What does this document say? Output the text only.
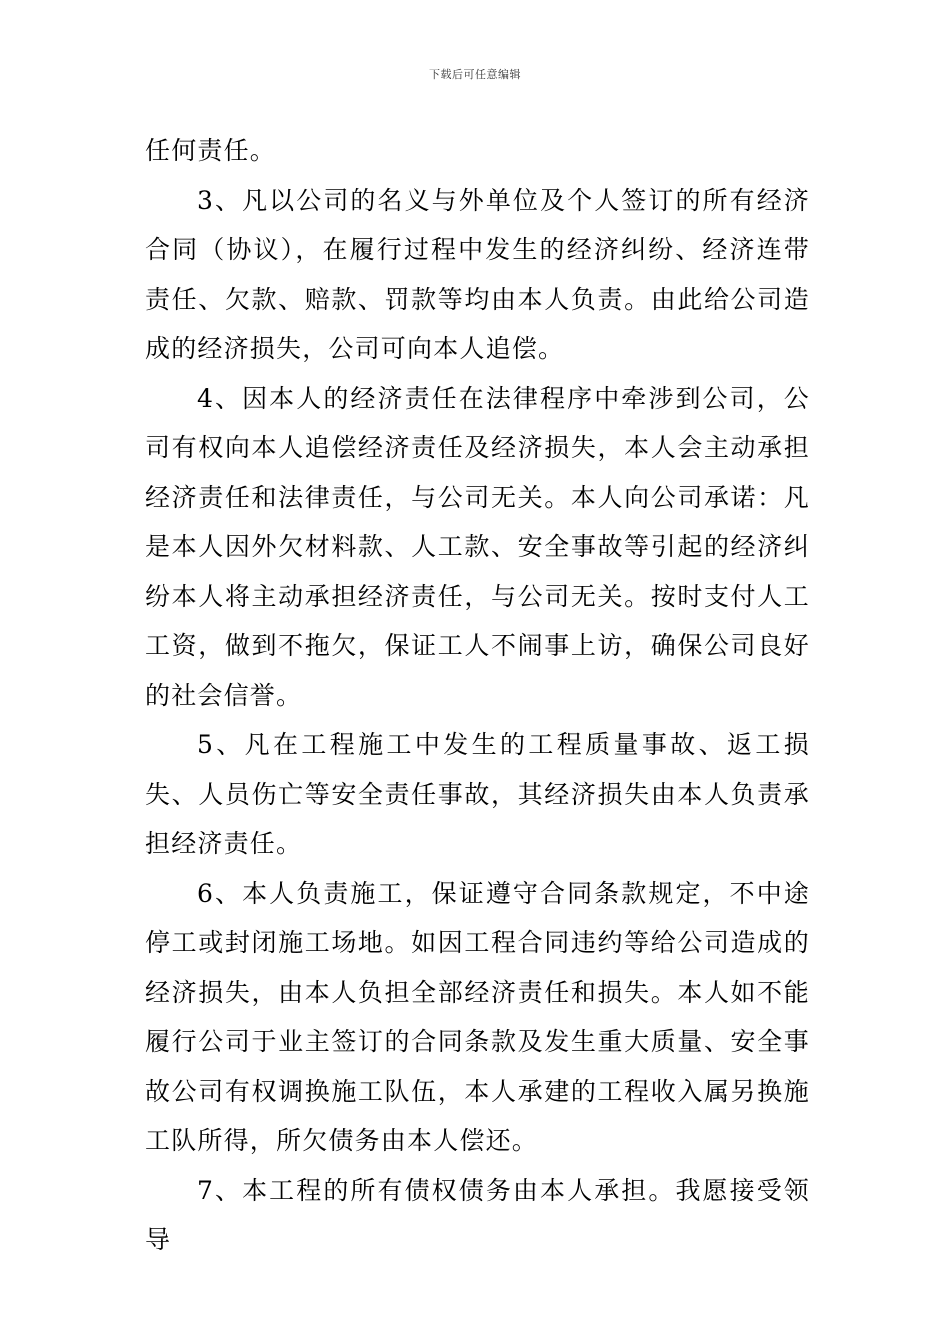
下载后可任意编辑

任何责任。

3、凡以公司的名义与外单位及个人签订的所有经济合同（协议），在履行过程中发生的经济纠纷、经济连带责任、欠款、赔款、罚款等均由本人负责。由此给公司造成的经济损失，公司可向本人追偿。

4、因本人的经济责任在法律程序中牵涉到公司，公司有权向本人追偿经济责任及经济损失，本人会主动承担经济责任和法律责任，与公司无关。本人向公司承诺：凡是本人因外欠材料款、人工款、安全事故等引起的经济纠纷本人将主动承担经济责任，与公司无关。按时支付人工工资，做到不拖欠，保证工人不闹事上访，确保公司良好的社会信誉。

5、凡在工程施工中发生的工程质量事故、返工损失、人员伤亡等安全责任事故，其经济损失由本人负责承担经济责任。

6、本人负责施工，保证遵守合同条款规定，不中途停工或封闭施工场地。如因工程合同违约等给公司造成的经济损失，由本人负担全部经济责任和损失。本人如不能履行公司于业主签订的合同条款及发生重大质量、安全事故公司有权调换施工队伍，本人承建的工程收入属另换施工队所得，所欠债务由本人偿还。

7、本工程的所有债权债务由本人承担。我愿接受领导
